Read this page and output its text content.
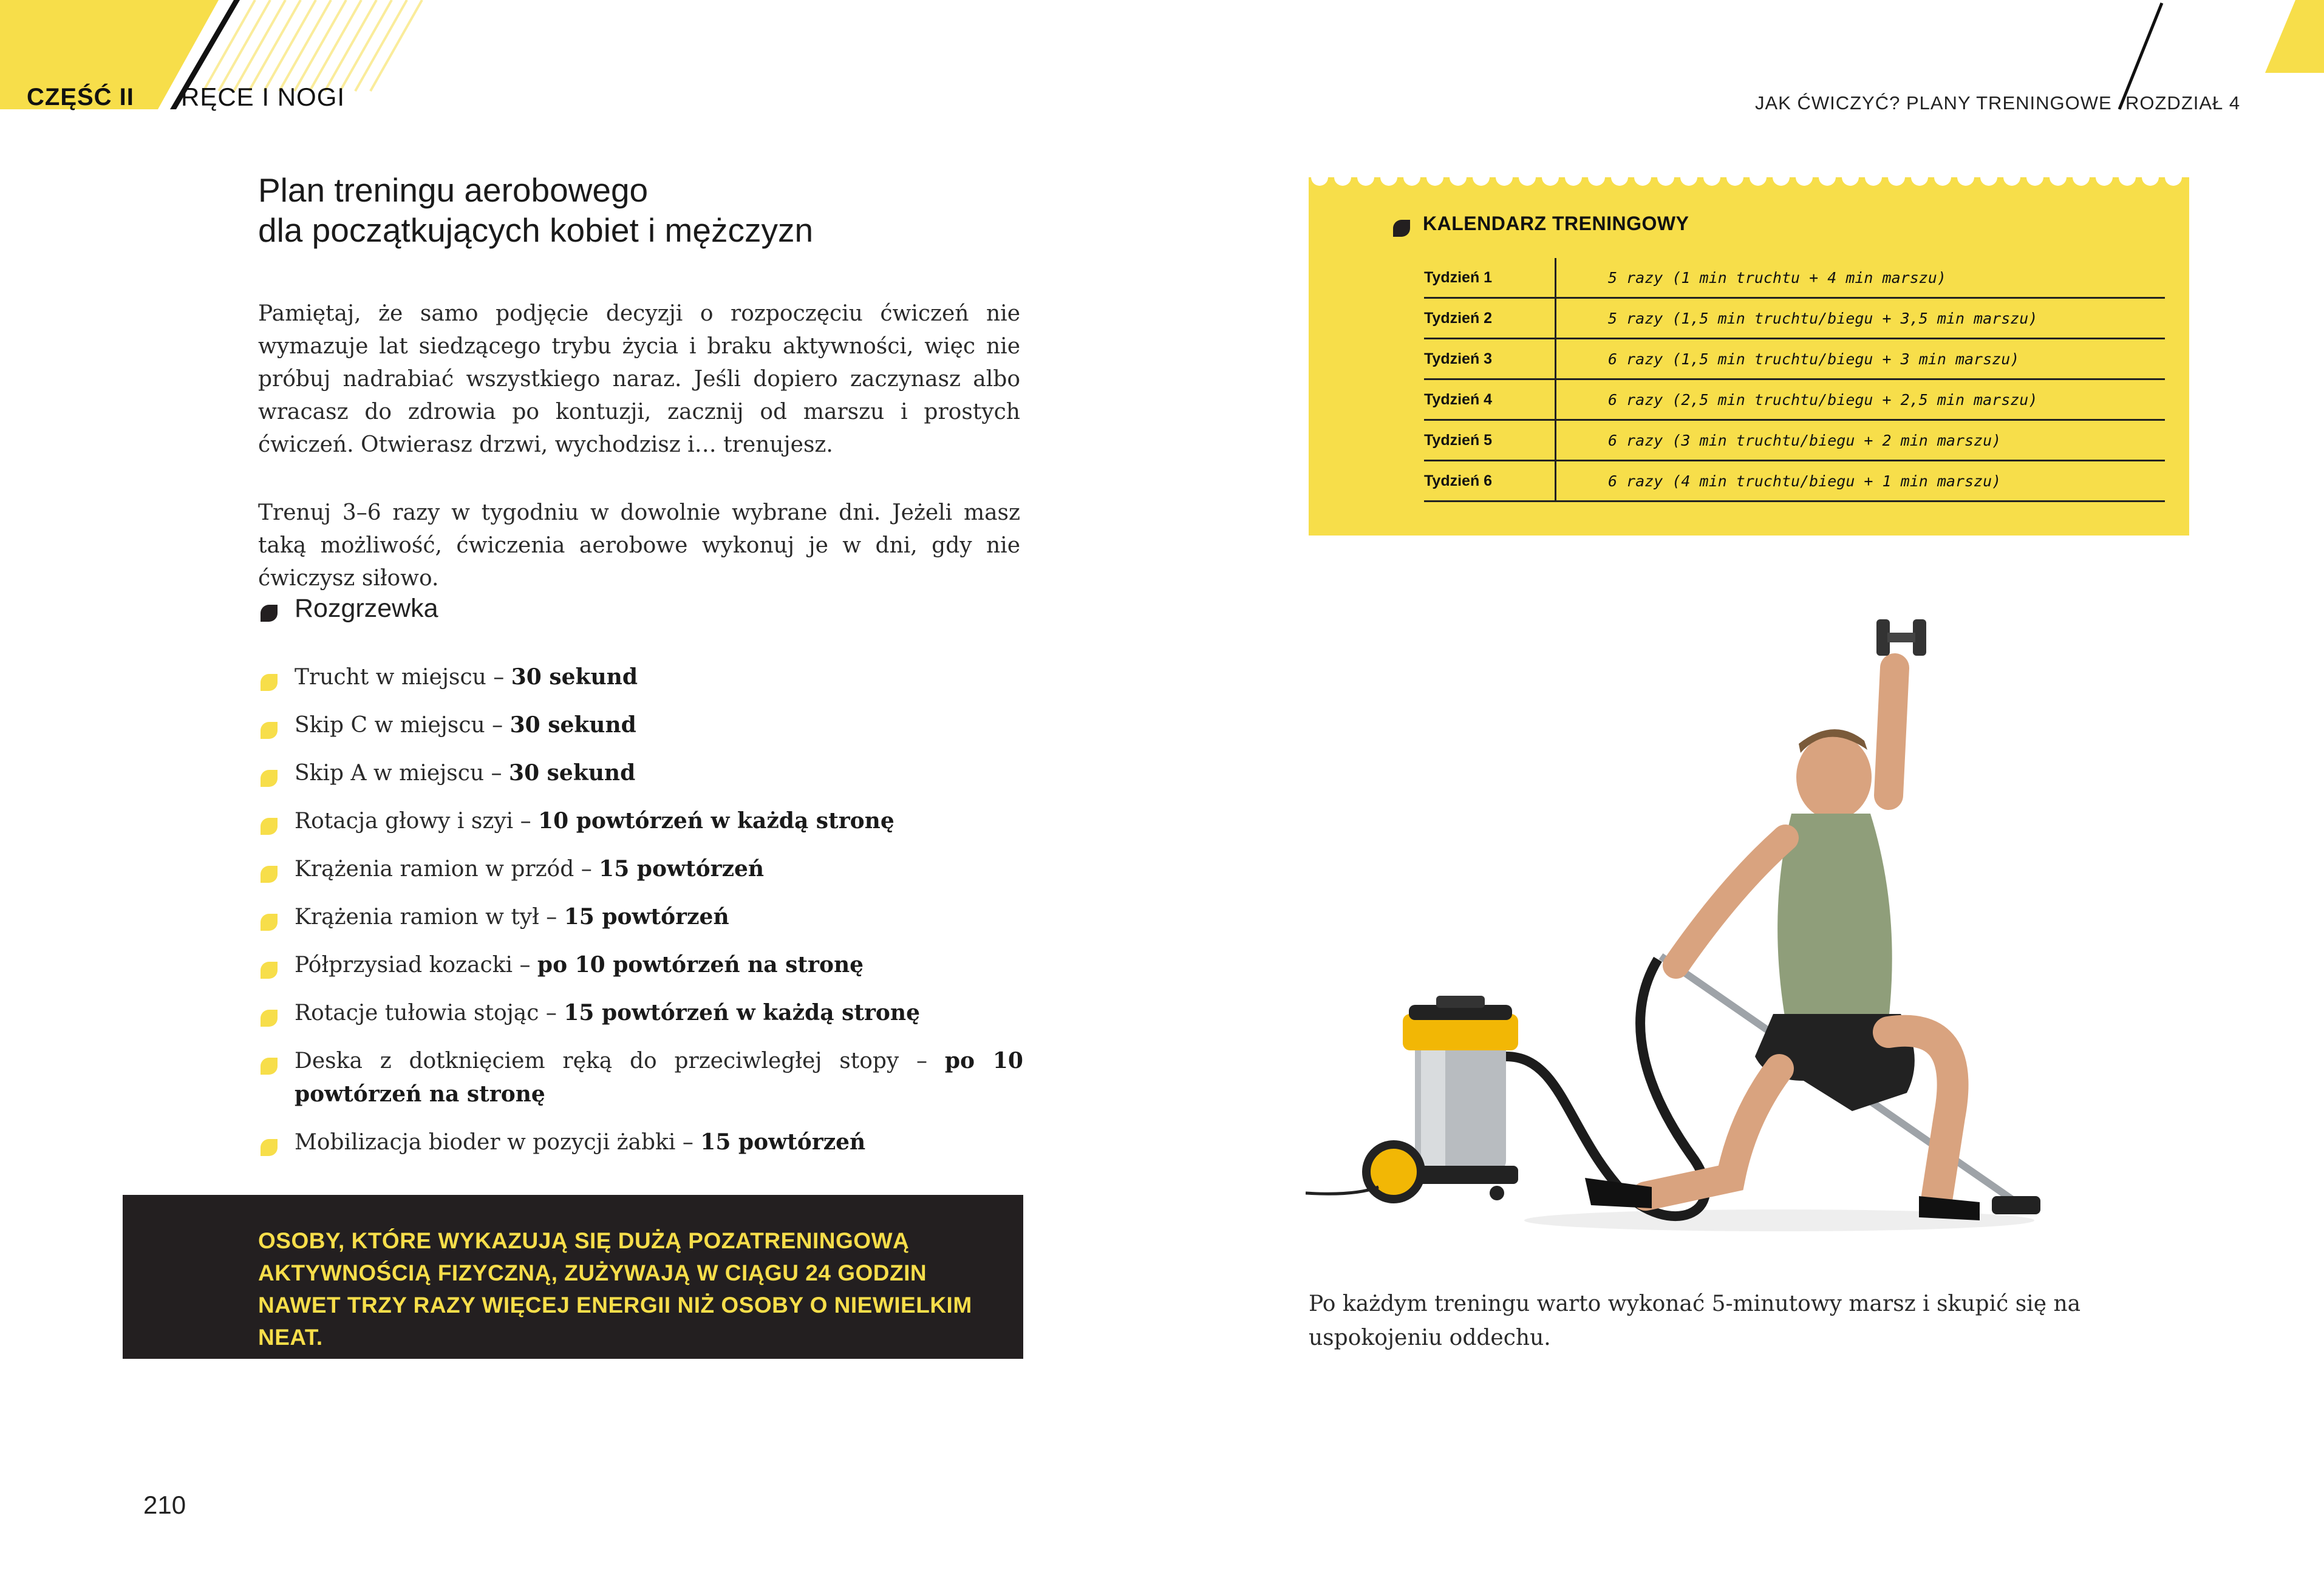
CZĘŚĆ II RĘCE I NOGI	JAK ĆWICZYĆ? PLANY TRENINGOWE ROZDZIAŁ 4
Plan treningu aerobowego
dla początkujących kobiet i mężczyzn
Pamiętaj, że samo podjęcie decyzji o rozpoczęciu ćwiczeń nie wymazuje lat siedzącego trybu życia i braku aktywności, więc nie próbuj nadrabiać wszystkiego naraz. Jeśli dopiero zaczynasz albo wracasz do zdrowia po kontuzji, zacznij od marszu i prostych ćwiczeń. Otwierasz drzwi, wychodzisz i… trenujesz.
Trenuj 3–6 razy w tygodniu w dowolnie wybrane dni. Jeżeli masz taką możliwość, ćwiczenia aerobowe wykonuj je w dni, gdy nie ćwiczysz siłowo.
Rozgrzewka
Trucht w miejscu – 30 sekund
Skip C w miejscu – 30 sekund
Skip A w miejscu – 30 sekund
Rotacja głowy i szyi – 10 powtórzeń w każdą stronę
Krążenia ramion w przód – 15 powtórzeń
Krążenia ramion w tył – 15 powtórzeń
Półprzysiad kozacki – po 10 powtórzeń na stronę
Rotacje tułowia stojąc – 15 powtórzeń w każdą stronę
Deska z dotknięciem ręką do przeciwległej stopy – po 10 powtórzeń na stronę
Mobilizacja bioder w pozycji żabki – 15 powtórzeń
OSOBY, KTÓRE WYKAZUJĄ SIĘ DUŻĄ POZATRENINGOWĄ AKTYWNOŚCIĄ FIZYCZNĄ, ZUŻYWAJĄ W CIĄGU 24 GODZIN NAWET TRZY RAZY WIĘCEJ ENERGII NIŻ OSOBY O NIEWIELKIM NEAT.
210
KALENDARZ TRENINGOWY
Tydzień 1	5 razy (1 min truchtu + 4 min marszu)
Tydzień 2	5 razy (1,5 min truchtu/biegu + 3,5 min marszu)
Tydzień 3	6 razy (1,5 min truchtu/biegu + 3 min marszu)
Tydzień 4	6 razy (2,5 min truchtu/biegu + 2,5 min marszu)
Tydzień 5	6 razy (3 min truchtu/biegu + 2 min marszu)
Tydzień 6	6 razy (4 min truchtu/biegu + 1 min marszu)
Po każdym treningu warto wykonać 5-minutowy marsz i skupić się na uspokojeniu oddechu.
